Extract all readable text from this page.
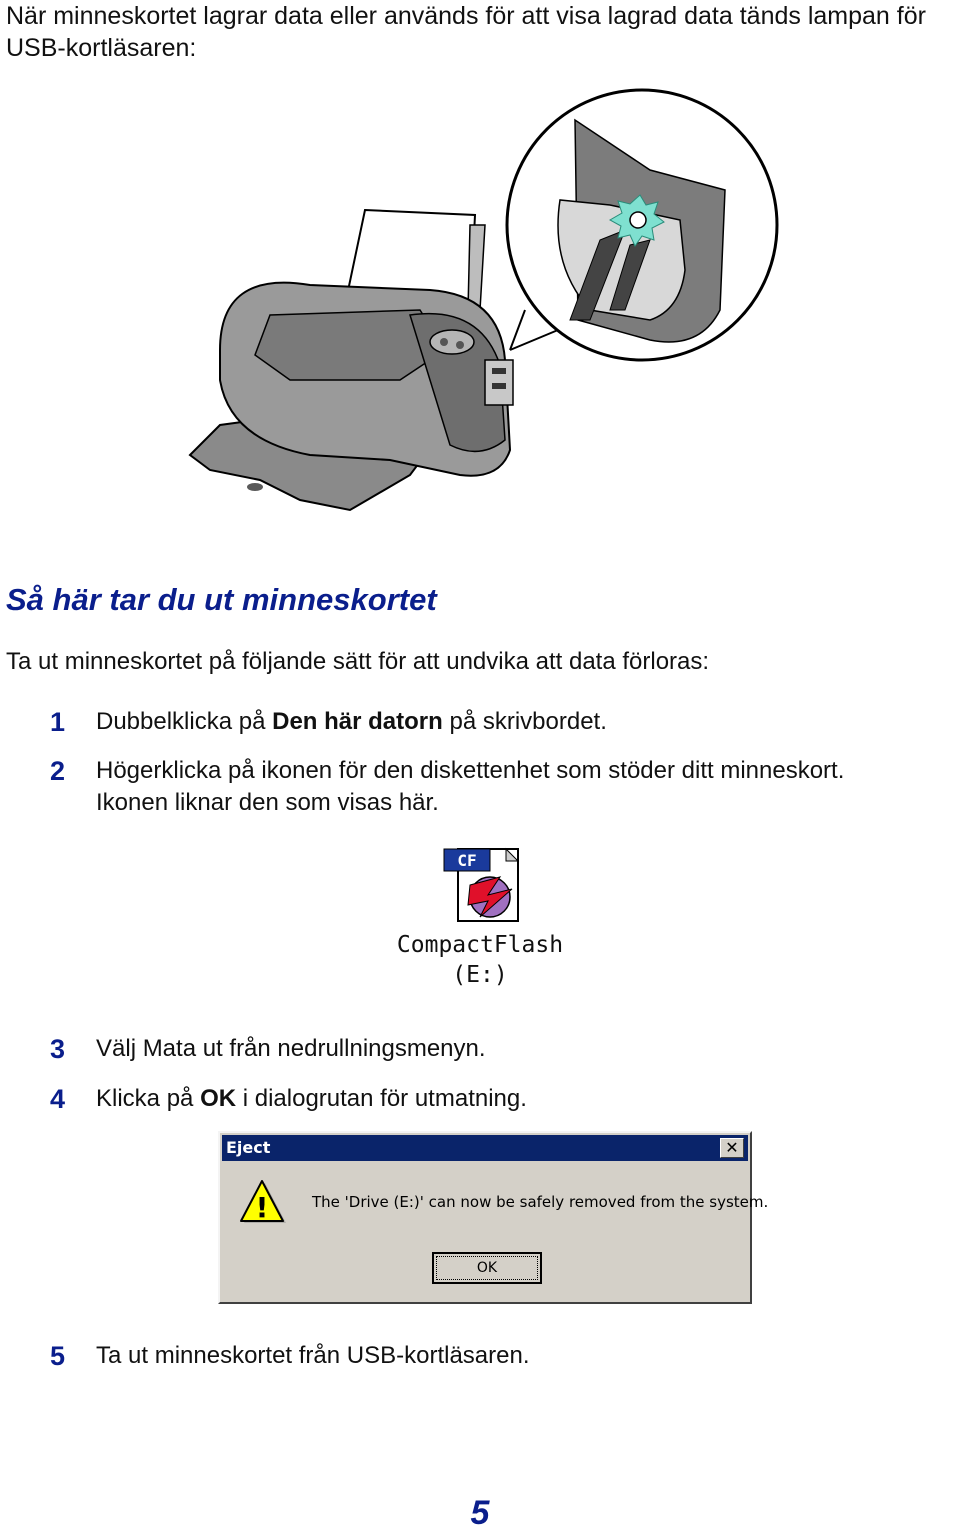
När minneskortet lagrar data eller används för att visa lagrad data tänds lampan för USB-kortläsaren:

Så här tar du ut minneskortet

Ta ut minneskortet på följande sätt för att undvika att data förloras:

1 Dubbelklicka på Den här datorn på skrivbordet.
2 Högerklicka på ikonen för den diskettenhet som stöder ditt minneskort.
Ikonen liknar den som visas här.
CF
CompactFlash
(E:)
3 Välj Mata ut från nedrullningsmenyn.
4 Klicka på OK i dialogrutan för utmatning.
Eject	✕
!	The 'Drive (E:)' can now be safely removed from the system.
OK
5 Ta ut minneskortet från USB-kortläsaren.
5
